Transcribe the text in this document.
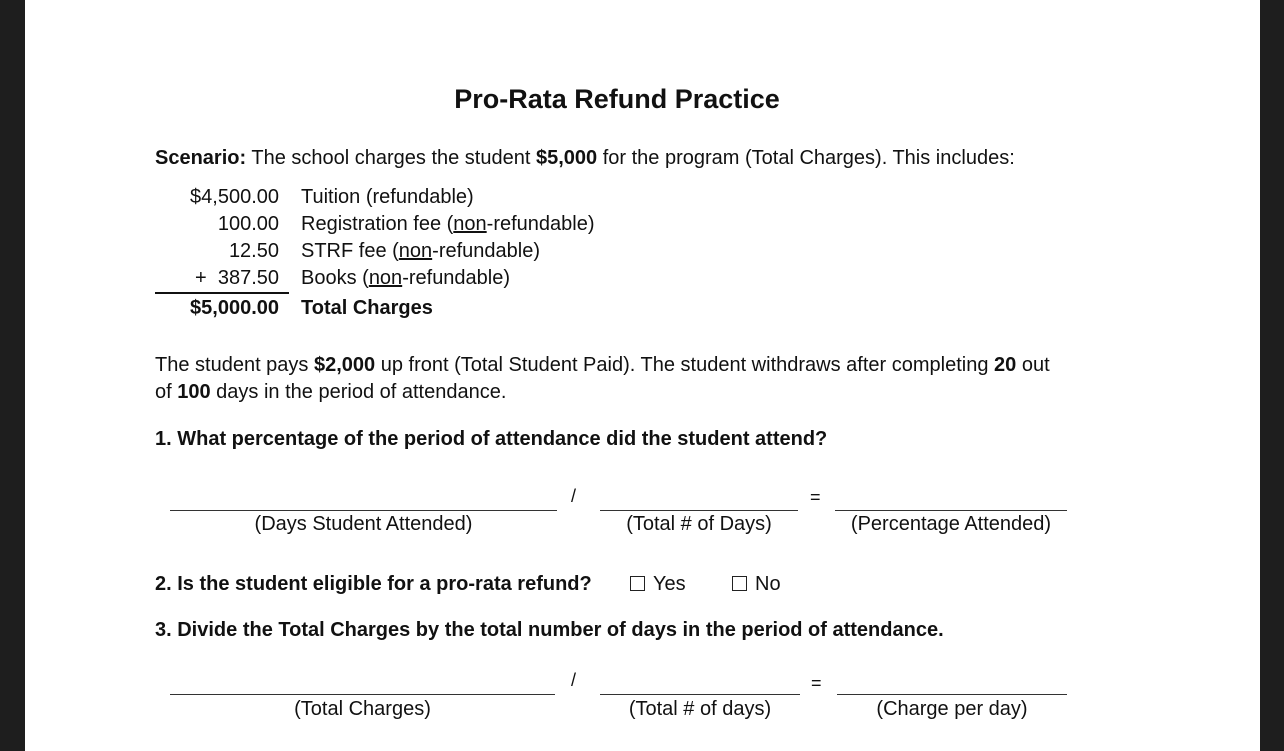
Pro-Rata Refund Practice
Scenario: The school charges the student $5,000 for the program (Total Charges). This includes:
$4,500.00 Tuition (refundable)
100.00 Registration fee (non-refundable)
12.50 STRF fee (non-refundable)
+  387.50 Books (non-refundable)
$5,000.00 Total Charges
The student pays $2,000 up front (Total Student Paid). The student withdraws after completing 20 out of 100 days in the period of attendance.
1. What percentage of the period of attendance did the student attend?
/	=
(Days Student Attended)	(Total # of Days)	(Percentage Attended)
2. Is the student eligible for a pro-rata refund?	Yes	No
3. Divide the Total Charges by the total number of days in the period of attendance.
/	=
(Total Charges)	(Total # of days)	(Charge per day)
